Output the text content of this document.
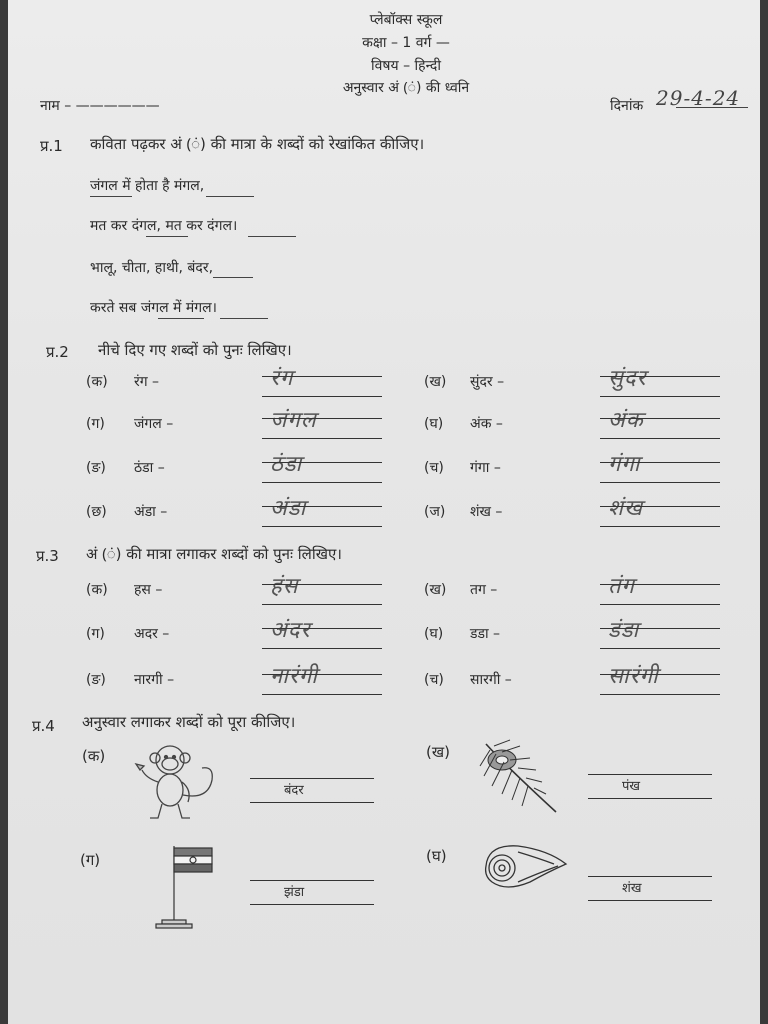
प्लेबॉक्स स्कूल
कक्षा – 1 वर्ग —
विषय – हिन्दी
अनुस्वार अं (ं) की ध्वनि
नाम – ——————	दिनांक 29-4-24
प्र.1 कविता पढ़कर अं (ं) की मात्रा के शब्दों को रेखांकित कीजिए।
जंगल में होता है मंगल,
मत कर दंगल, मत कर दंगल।
भालू, चीता, हाथी, बंदर,
करते सब जंगल में मंगल।
प्र.2 नीचे दिए गए शब्दों को पुनः लिखिए।
(क) रंग –	रंग	(ख) सुंदर –	सुंदर
(ग) जंगल –	जंगल	(घ) अंक –	अंक
(ङ) ठंडा –	ठंडा	(च) गंगा –	गंगा
(छ) अंडा –	अंडा	(ज) शंख –	शंख
प्र.3 अं (ं) की मात्रा लगाकर शब्दों को पुनः लिखिए।
(क) हस –	हंस	(ख) तग –	तंग
(ग) अदर –	अंदर	(घ) डडा –	डंडा
(ङ) नारगी –	नारंगी	(च) सारगी –	सारंगी
प्र.4 अनुस्वार लगाकर शब्दों को पूरा कीजिए।
(क)	(ख)
(ग)	(घ)
बंदर	पंख
झंडा	शंख
